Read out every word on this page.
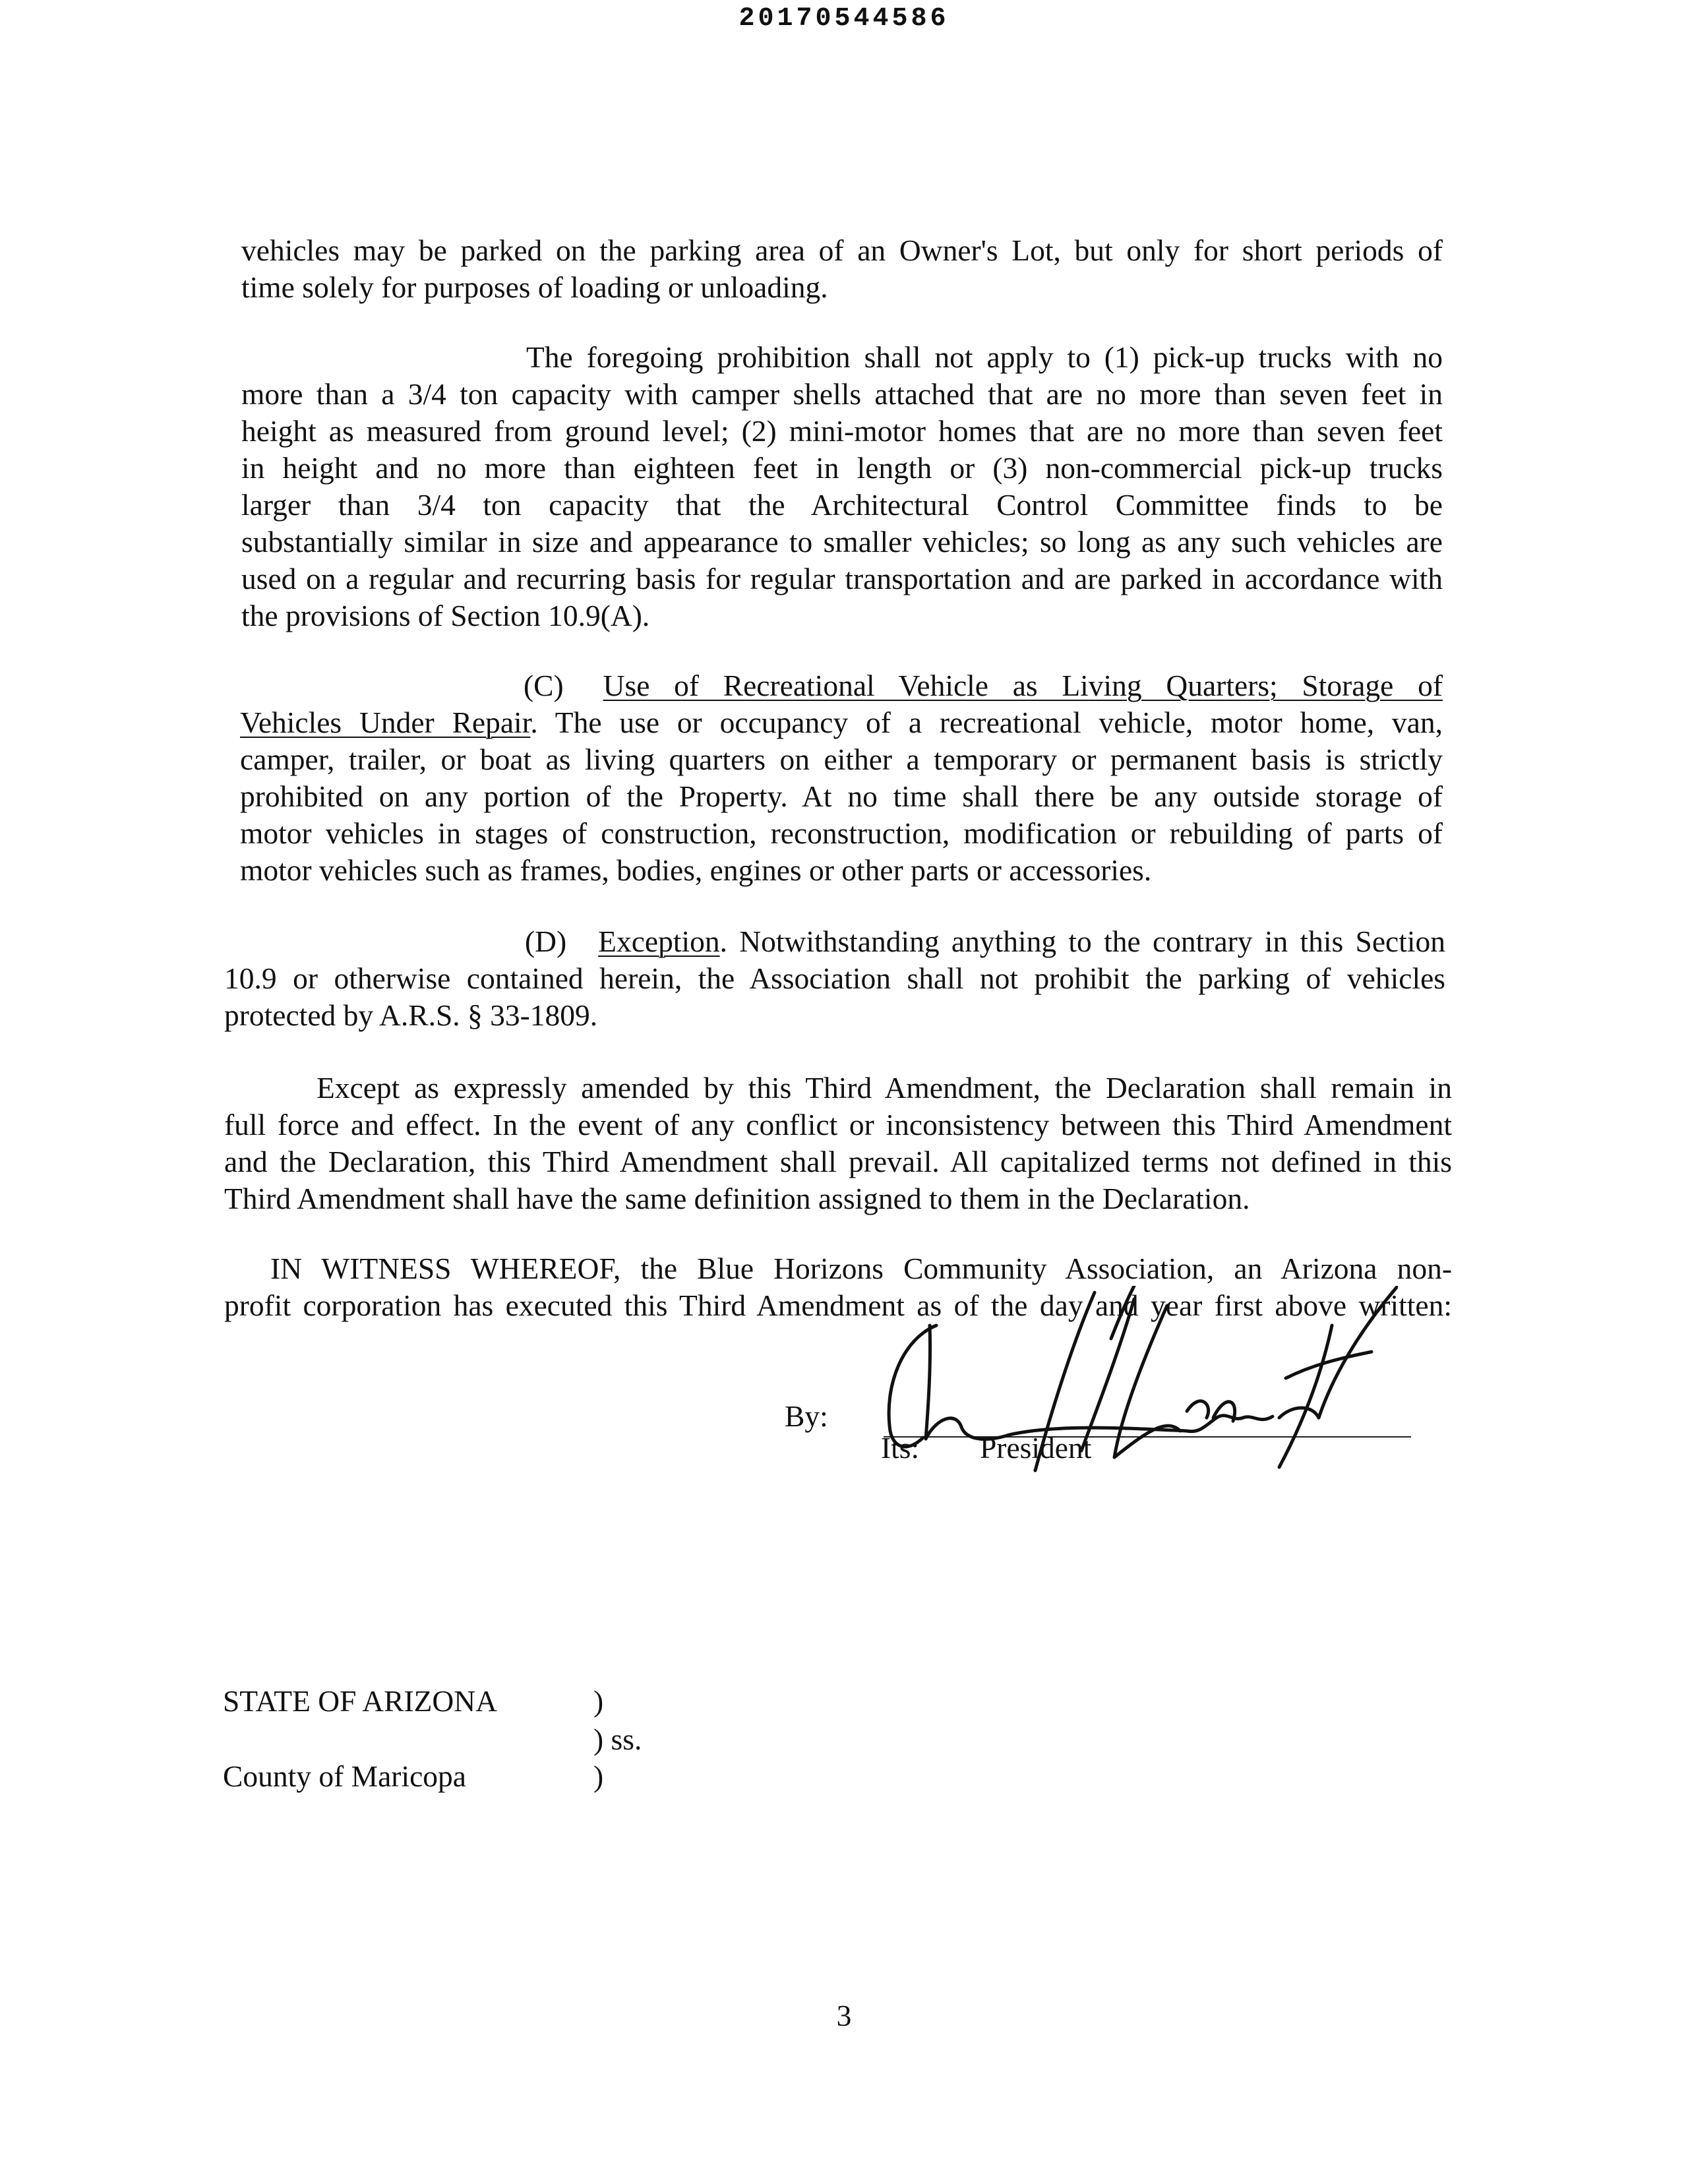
20170544586
vehicles may be parked on the parking area of an Owner's Lot, but only for short periods of
time solely for purposes of loading or unloading.
The foregoing prohibition shall not apply to (1) pick-up trucks with no
more than a 3/4 ton capacity with camper shells attached that are no more than seven feet in
height as measured from ground level; (2) mini-motor homes that are no more than seven feet
in height and no more than eighteen feet in length or (3) non-commercial pick-up trucks
larger than 3/4 ton capacity that the Architectural Control Committee finds to be
substantially similar in size and appearance to smaller vehicles; so long as any such vehicles are
used on a regular and recurring basis for regular transportation and are parked in accordance with
the provisions of Section 10.9(A).
(C) Use of Recreational Vehicle as Living Quarters; Storage of
Vehicles Under Repair. The use or occupancy of a recreational vehicle, motor home, van,
camper, trailer, or boat as living quarters on either a temporary or permanent basis is strictly
prohibited on any portion of the Property. At no time shall there be any outside storage of
motor vehicles in stages of construction, reconstruction, modification or rebuilding of parts of
motor vehicles such as frames, bodies, engines or other parts or accessories.
(D) Exception. Notwithstanding anything to the contrary in this Section
10.9 or otherwise contained herein, the Association shall not prohibit the parking of vehicles
protected by A.R.S. § 33-1809.
Except as expressly amended by this Third Amendment, the Declaration shall remain in
full force and effect. In the event of any conflict or inconsistency between this Third Amendment
and the Declaration, this Third Amendment shall prevail. All capitalized terms not defined in this
Third Amendment shall have the same definition assigned to them in the Declaration.
IN WITNESS WHEREOF, the Blue Horizons Community Association, an Arizona non-
profit corporation has executed this Third Amendment as of the day and year first above written:
By:
Its: President
STATE OF ARIZONA	)
) ss.
County of Maricopa	)
3
